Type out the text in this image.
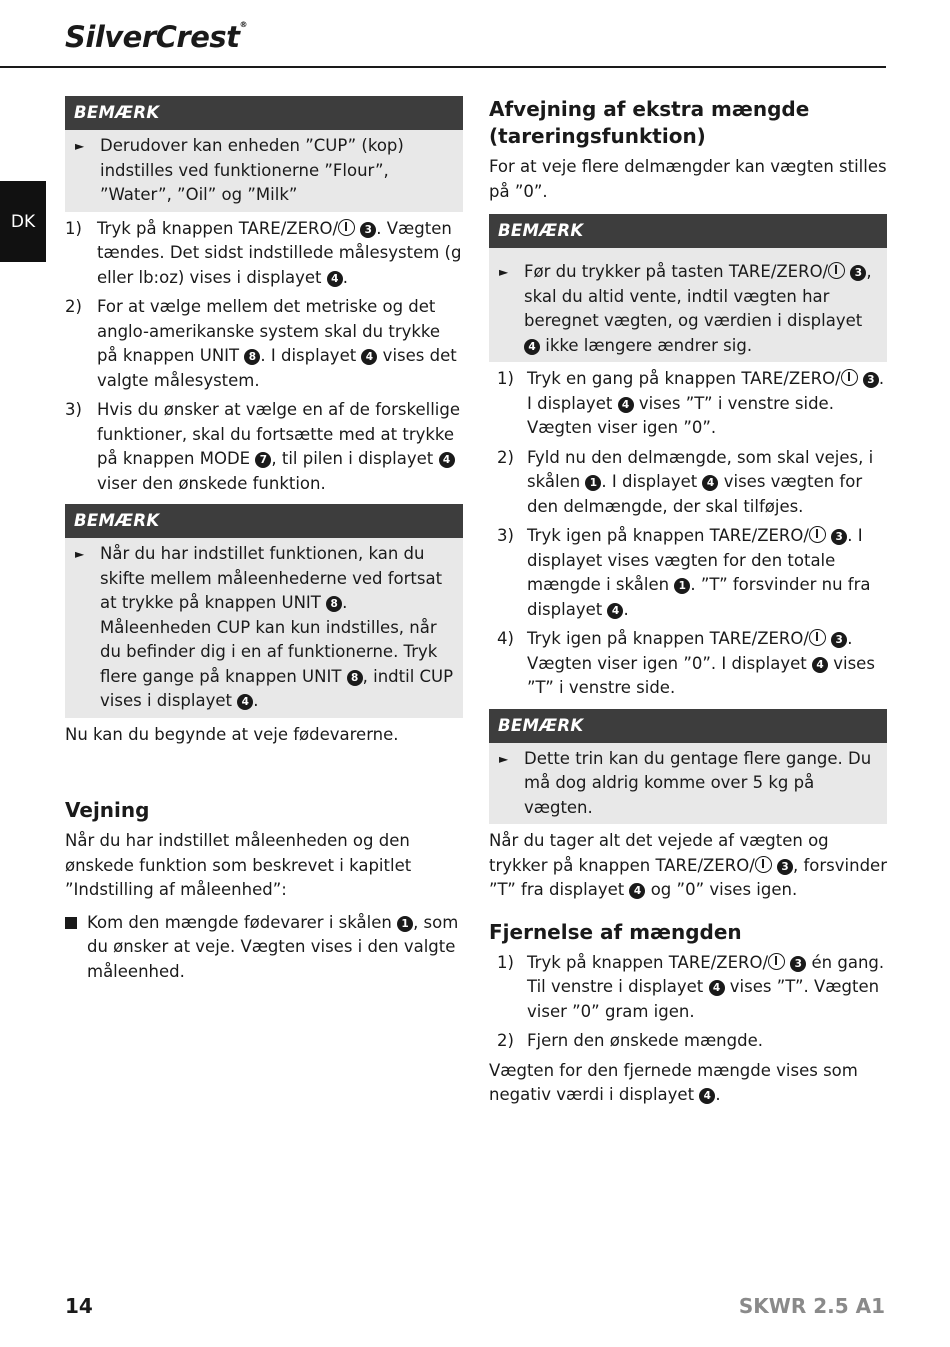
SilverCrest®
DK
BEMÆRK
► Derudover kan enheden ”CUP” (kop) indstilles ved funktionerne ”Flour”, ”Water”, ”Oil” og ”Milk”
1) Tryk på knappen TARE/ZERO/	3 . Vægten tændes. Det sidst indstillede målesystem (g eller lb:oz) vises i displayet 4 .
2) For at vælge mellem det metriske og det anglo-amerikanske system skal du trykke på knappen UNIT 8 . I displayet 4 vises det valgte målesystem.
3) Hvis du ønsker at vælge en af de forskellige funktioner, skal du fortsætte med at trykke på knappen MODE 7 , til pilen i displayet 4 viser den ønskede funktion.
BEMÆRK
► Når du har indstillet funktionen, kan du skifte mellem måleenhederne ved fortsat at trykke på knappen UNIT 8 . Måleenheden CUP kan kun indstilles, når du befinder dig i en af funktionerne. Tryk flere gange på knappen UNIT 8 , indtil CUP vises i displayet 4 .
Nu kan du begynde at veje fødevarerne.
Vejning
Når du har indstillet måleenheden og den ønskede funktion som beskrevet i kapitlet ”Indstilling af måleenhed”:
Kom den mængde fødevarer i skålen 1 , som du ønsker at veje. Vægten vises i den valgte måleenhed.
Afvejning af ekstra mængde (tareringsfunktion)
For at veje flere delmængder kan vægten stilles på ”0”.
BEMÆRK
► Før du trykker på tasten TARE/ZERO/	3 , skal du altid vente, indtil vægten har beregnet vægten, og værdien i displayet 4 ikke længere ændrer sig.
1) Tryk en gang på knappen TARE/ZERO/	3 . I displayet 4 vises ”T” i venstre side. Vægten viser igen ”0”.
2) Fyld nu den delmængde, som skal vejes, i skålen 1 . I displayet 4 vises vægten for den delmængde, der skal tilføjes.
3) Tryk igen på knappen TARE/ZERO/	3 . I displayet vises vægten for den totale mængde i skålen 1 . ”T” forsvinder nu fra displayet 4 .
4) Tryk igen på knappen TARE/ZERO/	3 . Vægten viser igen ”0”. I displayet 4 vises ”T” i venstre side.
BEMÆRK
► Dette trin kan du gentage flere gange. Du må dog aldrig komme over 5 kg på vægten.
Når du tager alt det vejede af vægten og trykker på knappen TARE/ZERO/	3 , forsvinder ”T” fra displayet 4 og ”0” vises igen.
Fjernelse af mængden
1) Tryk på knappen TARE/ZERO/	3 én gang. Til venstre i displayet 4 vises ”T”. Vægten viser ”0” gram igen.
2) Fjern den ønskede mængde.
Vægten for den fjernede mængde vises som negativ værdi i displayet 4 .
14	SKWR 2.5 A1
